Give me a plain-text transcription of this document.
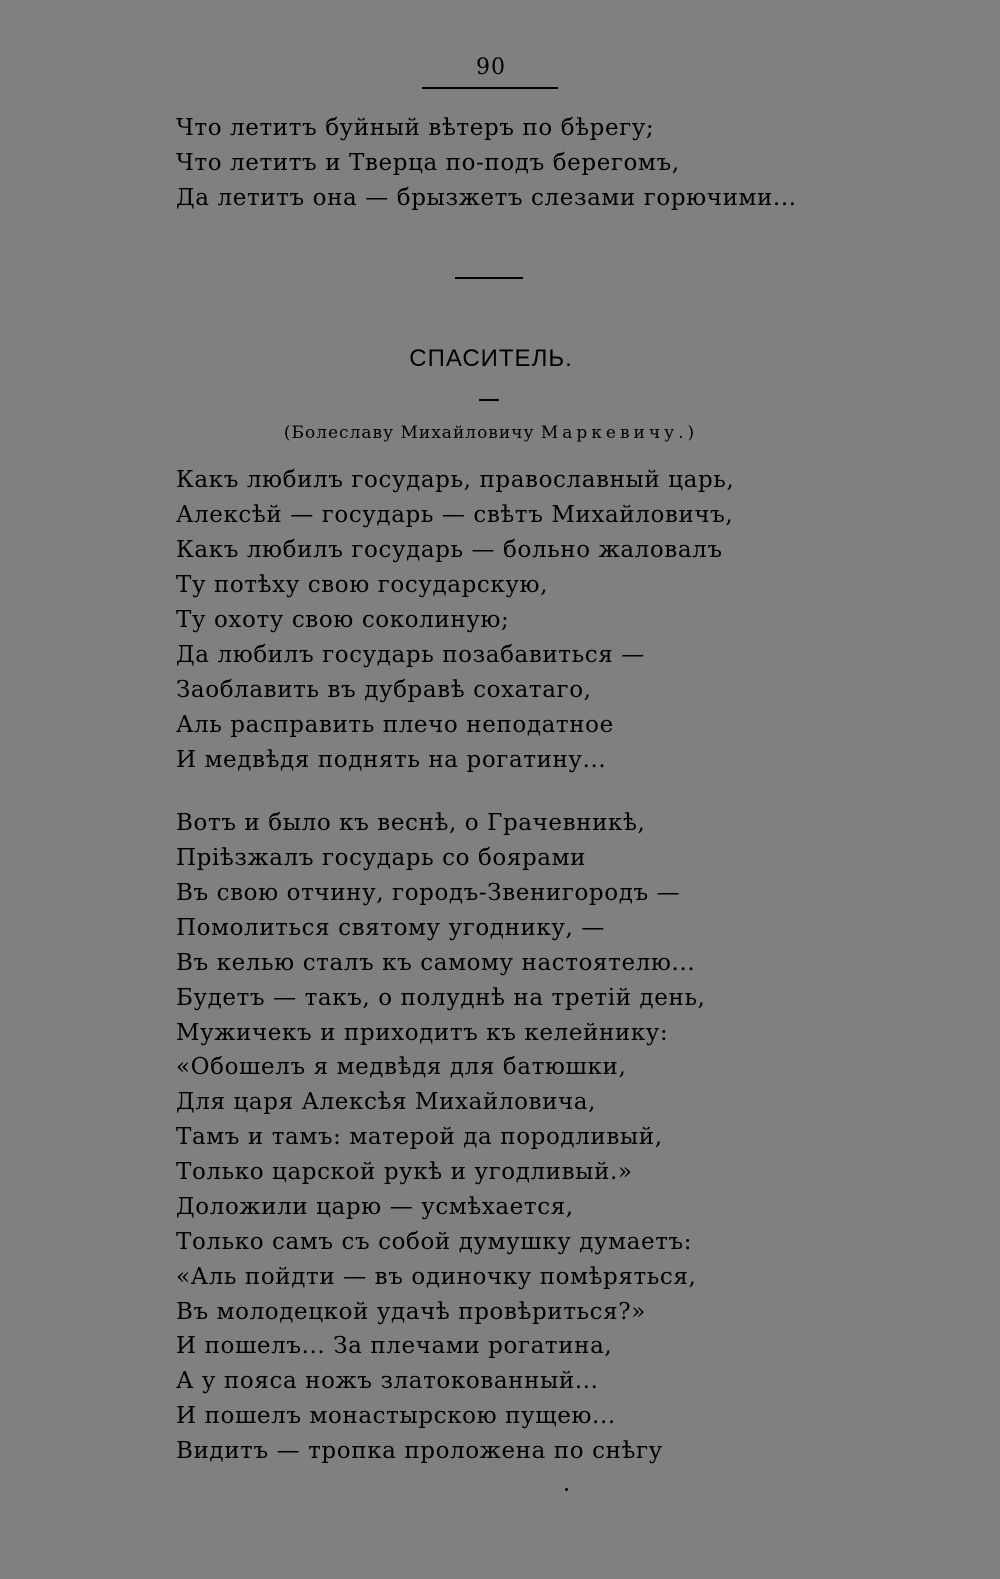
90
Что летитъ буйный вѣтеръ по бѣрегу;
Что летитъ и Тверца по-подъ берегомъ,
Да летитъ она — брызжетъ слезами горючими...
СПАСИТЕЛЬ.
(Болеславу Михайловичу Маркевичу.)
Какъ любилъ государь, православный царь,
Алексѣй — государь — свѣтъ Михайловичъ,
Какъ любилъ государь — больно жаловалъ
Ту потѣху свою государскую,
Ту охоту свою соколиную;
Да любилъ государь позабавиться —
Заоблавить въ дубравѣ сохатаго,
Аль расправить плечо неподатное
И медвѣдя поднять на рогатину...
Вотъ и было къ веснѣ, о Грачевникѣ,
Пріѣзжалъ государь со боярами
Въ свою отчину, городъ-Звенигородъ —
Помолиться святому угоднику, —
Въ келью сталъ къ самому настоятелю...
Будетъ — такъ, о полуднѣ на третій день,
Мужичекъ и приходитъ къ келейнику:
«Обошелъ я медвѣдя для батюшки,
Для царя Алексѣя Михайловича,
Тамъ и тамъ: матерой да породливый,
Только царской рукѣ и угодливый.»
Доложили царю — усмѣхается,
Только самъ съ собой думушку думаетъ:
«Аль пойдти — въ одиночку помѣряться,
Въ молодецкой удачѣ провѣриться?»
И пошелъ... За плечами рогатина,
А у пояса ножъ златокованный...
И пошелъ монастырскою пущею...
Видитъ — тропка проложена по снѣгу
